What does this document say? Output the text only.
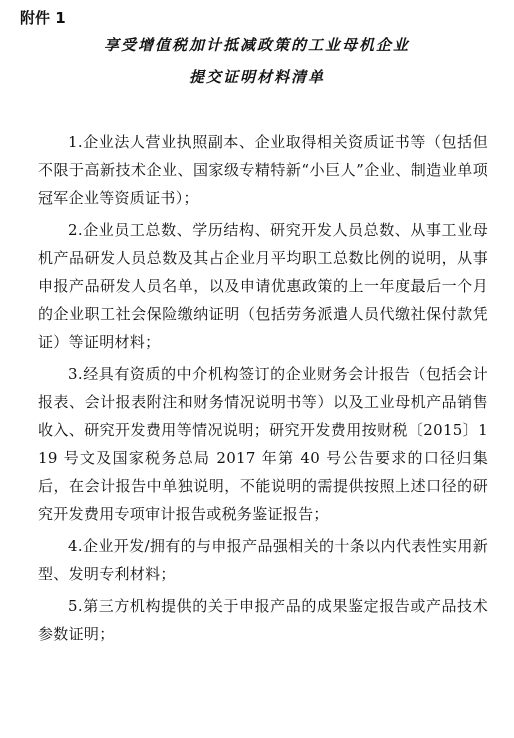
附件 1
享受增值税加计抵减政策的工业母机企业
提交证明材料清单

1.企业法人营业执照副本、企业取得相关资质证书等（包括但不限于高新技术企业、国家级专精特新“小巨人”企业、制造业单项冠军企业等资质证书）；

2.企业员工总数、学历结构、研究开发人员总数、从事工业母机产品研发人员总数及其占企业月平均职工总数比例的说明，从事申报产品研发人员名单，以及申请优惠政策的上一年度最后一个月的企业职工社会保险缴纳证明（包括劳务派遣人员代缴社保付款凭证）等证明材料；

3.经具有资质的中介机构签订的企业财务会计报告（包括会计报表、会计报表附注和财务情况说明书等）以及工业母机产品销售收入、研究开发费用等情况说明；研究开发费用按财税〔2015〕119 号文及国家税务总局 2017 年第 40 号公告要求的口径归集后，在会计报告中单独说明，不能说明的需提供按照上述口径的研究开发费用专项审计报告或税务鉴证报告；

4.企业开发/拥有的与申报产品强相关的十条以内代表性实用新型、发明专利材料；

5.第三方机构提供的关于申报产品的成果鉴定报告或产品技术参数证明；
